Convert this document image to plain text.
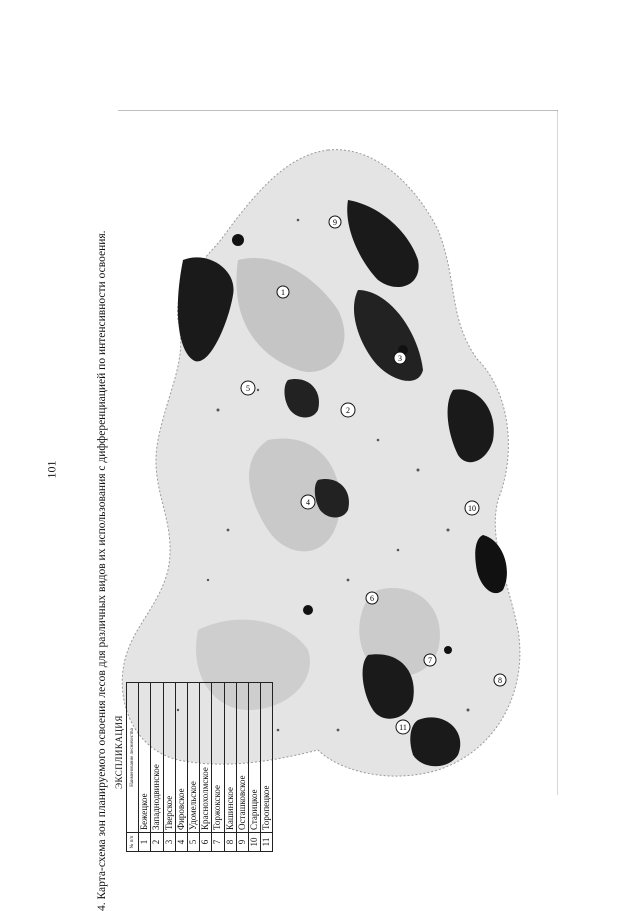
4. Карта-схема зон планируемого освоения лесов для различных видов их использования с дифференциацией по интенсивности освоения.
101
1
2
3
4
5
6
7
8
9
10
11
ЭКСПЛИКАЦИЯ
№ п/п	Наименование лесничества
1	Бежецкое
2	Западнодвинское
3	Тверское
4	Фировское
5	Удомельское
6	Краснохолмское
7	Торжокское
8	Кашинское
9	Осташковское
10	Старицкое
11	Торопецкое
